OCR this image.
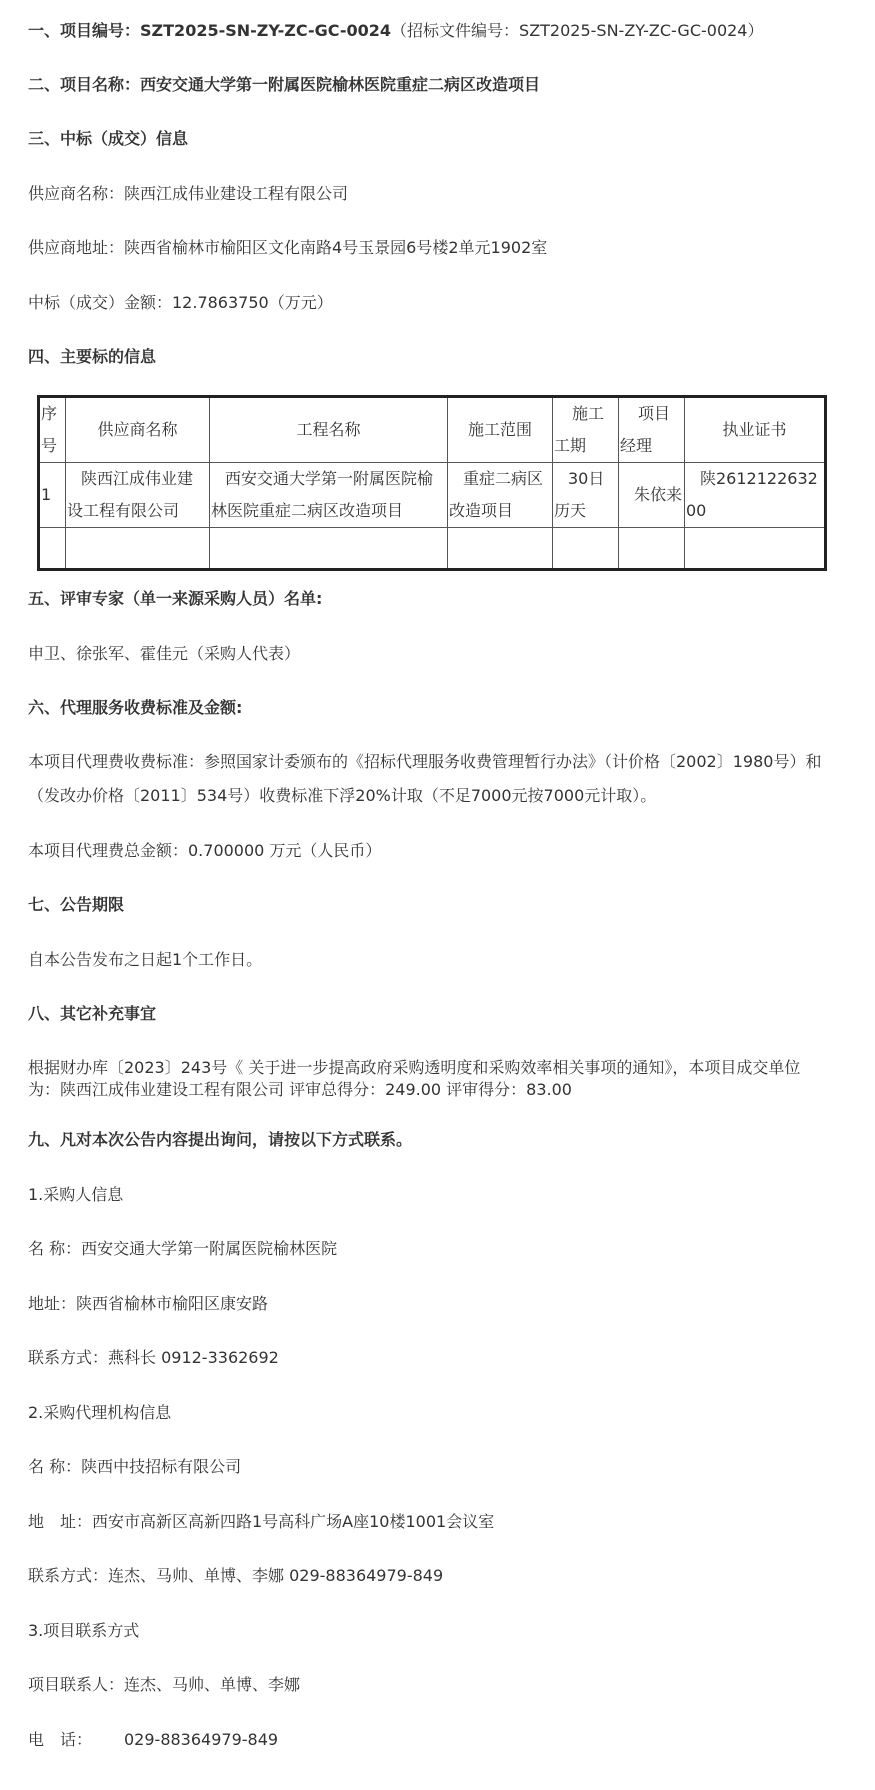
一、项目编号：SZT2025-SN-ZY-ZC-GC-0024（招标文件编号：SZT2025-SN-ZY-ZC-GC-0024）
二、项目名称：西安交通大学第一附属医院榆林医院重症二病区改造项目
三、中标（成交）信息
供应商名称：陕西江成伟业建设工程有限公司
供应商地址：陕西省榆林市榆阳区文化南路4号玉景园6号楼2单元1902室
中标（成交）金额：12.7863750（万元）
四、主要标的信息
序号	供应商名称	工程名称	施工范围	施工工期	项目经理	执业证书
1	陕西江成伟业建设工程有限公司	西安交通大学第一附属医院榆林医院重症二病区改造项目	重症二病区改造项目	30日历天	朱依来	陕261212263200

五、评审专家（单一来源采购人员）名单:
申卫、徐张军、霍佳元（采购人代表）
六、代理服务收费标准及金额:
本项目代理费收费标准：参照国家计委颁布的《招标代理服务收费管理暂行办法》（计价格〔2002〕1980号）和（发改办价格〔2011〕534号）收费标准下浮20%计取（不足7000元按7000元计取）。
本项目代理费总金额：0.700000 万元（人民币）
七、公告期限
自本公告发布之日起1个工作日。
八、其它补充事宜
根据财办库〔2023〕243号《 关于进一步提高政府采购透明度和采购效率相关事项的通知》，本项目成交单位为：陕西江成伟业建设工程有限公司 评审总得分：249.00 评审得分：83.00
九、凡对本次公告内容提出询问，请按以下方式联系。
1.采购人信息
名 称：西安交通大学第一附属医院榆林医院
地址：陕西省榆林市榆阳区康安路
联系方式：燕科长 0912-3362692
2.采购代理机构信息
名 称：陕西中技招标有限公司
地　址：西安市高新区高新四路1号高科广场A座10楼1001会议室
联系方式：连杰、马帅、单博、李娜 029-88364979-849
3.项目联系方式
项目联系人：连杰、马帅、单博、李娜
电　话： 029-88364979-849
